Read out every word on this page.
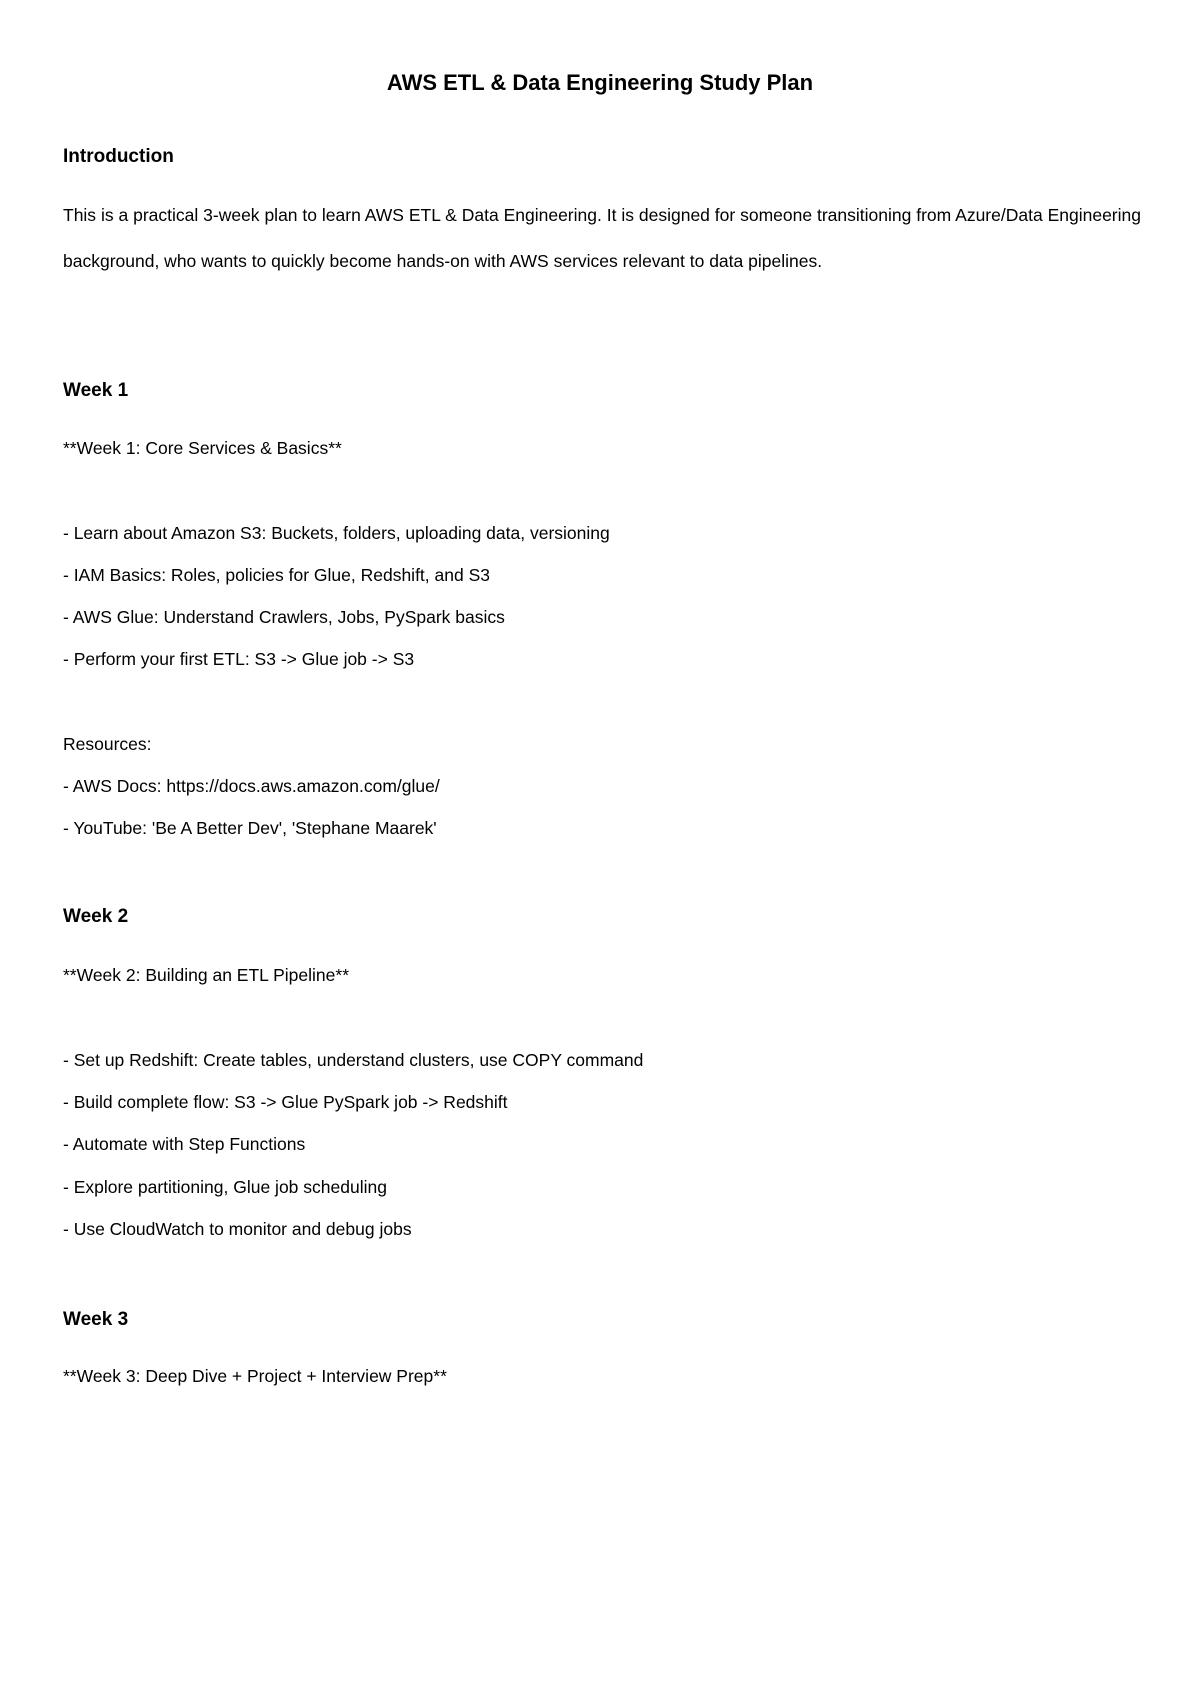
AWS ETL & Data Engineering Study Plan
Introduction

This is a practical 3-week plan to learn AWS ETL & Data Engineering. It is designed for someone transitioning from Azure/Data Engineering background, who wants to quickly become hands-on with AWS services relevant to data pipelines.

Week 1

**Week 1: Core Services & Basics**

- Learn about Amazon S3: Buckets, folders, uploading data, versioning

- IAM Basics: Roles, policies for Glue, Redshift, and S3

- AWS Glue: Understand Crawlers, Jobs, PySpark basics

- Perform your first ETL: S3 -> Glue job -> S3

Resources:

- AWS Docs: https://docs.aws.amazon.com/glue/

- YouTube: 'Be A Better Dev', 'Stephane Maarek'

Week 2

**Week 2: Building an ETL Pipeline**

- Set up Redshift: Create tables, understand clusters, use COPY command

- Build complete flow: S3 -> Glue PySpark job -> Redshift

- Automate with Step Functions

- Explore partitioning, Glue job scheduling

- Use CloudWatch to monitor and debug jobs

Week 3

**Week 3: Deep Dive + Project + Interview Prep**
